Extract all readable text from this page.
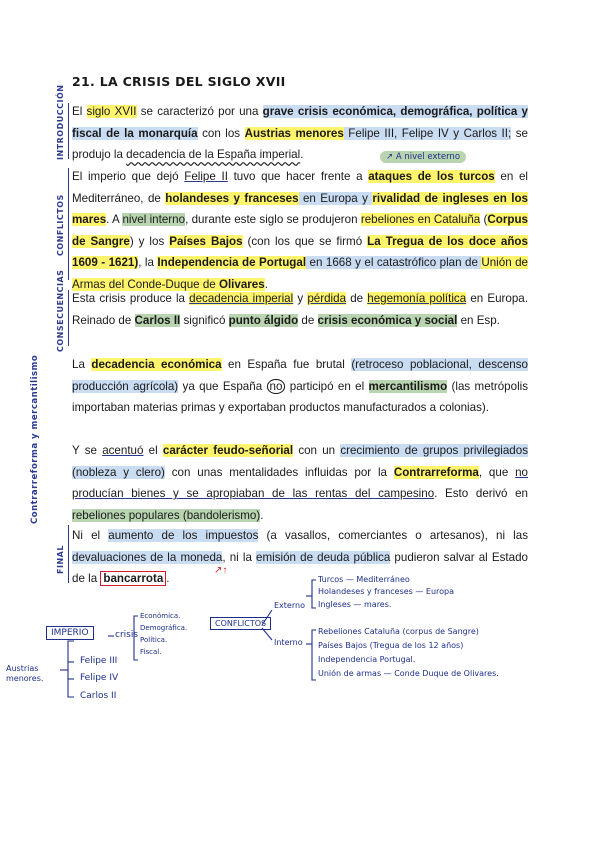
21. LA CRISIS DEL SIGLO XVII
INTRODUCCIÓN
CONFLICTOS
CONSECUENCIAS
Contrarreforma y mercantilismo
FINAL
↗ A nivel externo

El siglo XVII se caracterizó por una grave crisis económica, demográfica, política y fiscal de la monarquía con los Austrias menores Felipe III, Felipe IV y Carlos II; se produjo la decadencia de la España imperial.

El imperio que dejó Felipe II tuvo que hacer frente a ataques de los turcos en el Mediterráneo, de holandeses y franceses en Europa y rivalidad de ingleses en los mares. A nivel interno, durante este siglo se produjeron rebeliones en Cataluña (Corpus de Sangre) y los Países Bajos (con los que se firmó La Tregua de los doce años 1609 - 1621), la Independencia de Portugal en 1668 y el catastrófico plan de Unión de Armas del Conde-Duque de Olivares.

Esta crisis produce la decadencia imperial y pérdida de hegemonía política en Europa. Reinado de Carlos II significó punto álgido de crisis económica y social en Esp.

La decadencia económica en España fue brutal (retroceso poblacional, descenso producción agrícola) ya que España no participó en el mercantilismo (las metrópolis importaban materias primas y exportaban productos manufacturados a colonias).

Y se acentuó el carácter feudo-señorial con un crecimiento de grupos privilegiados (nobleza y clero) con unas mentalidades influidas por la Contrarreforma, que no producían bienes y se apropiaban de las rentas del campesino. Esto derivó en rebeliones populares (bandolerismo).

Ni el aumento de los impuestos (a vasallos, comerciantes o artesanos), ni las devaluaciones de la moneda, ni la emisión de deuda pública pudieron salvar al Estado de la bancarrota .

↗↑
IMPERIO	crisis
Económica.
Demográfica.
Política.
Fiscal.
Austrias menores.
Felipe III
Felipe IV
Carlos II
CONFLICTOS
Externo
Interno
Turcos — Mediterráneo
Holandeses y franceses — Europa
Ingleses — mares.
Rebeliones Cataluña (corpus de Sangre)
Países Bajos (Tregua de los 12 años)
Independencia Portugal.
Unión de armas — Conde Duque de Olivares.
